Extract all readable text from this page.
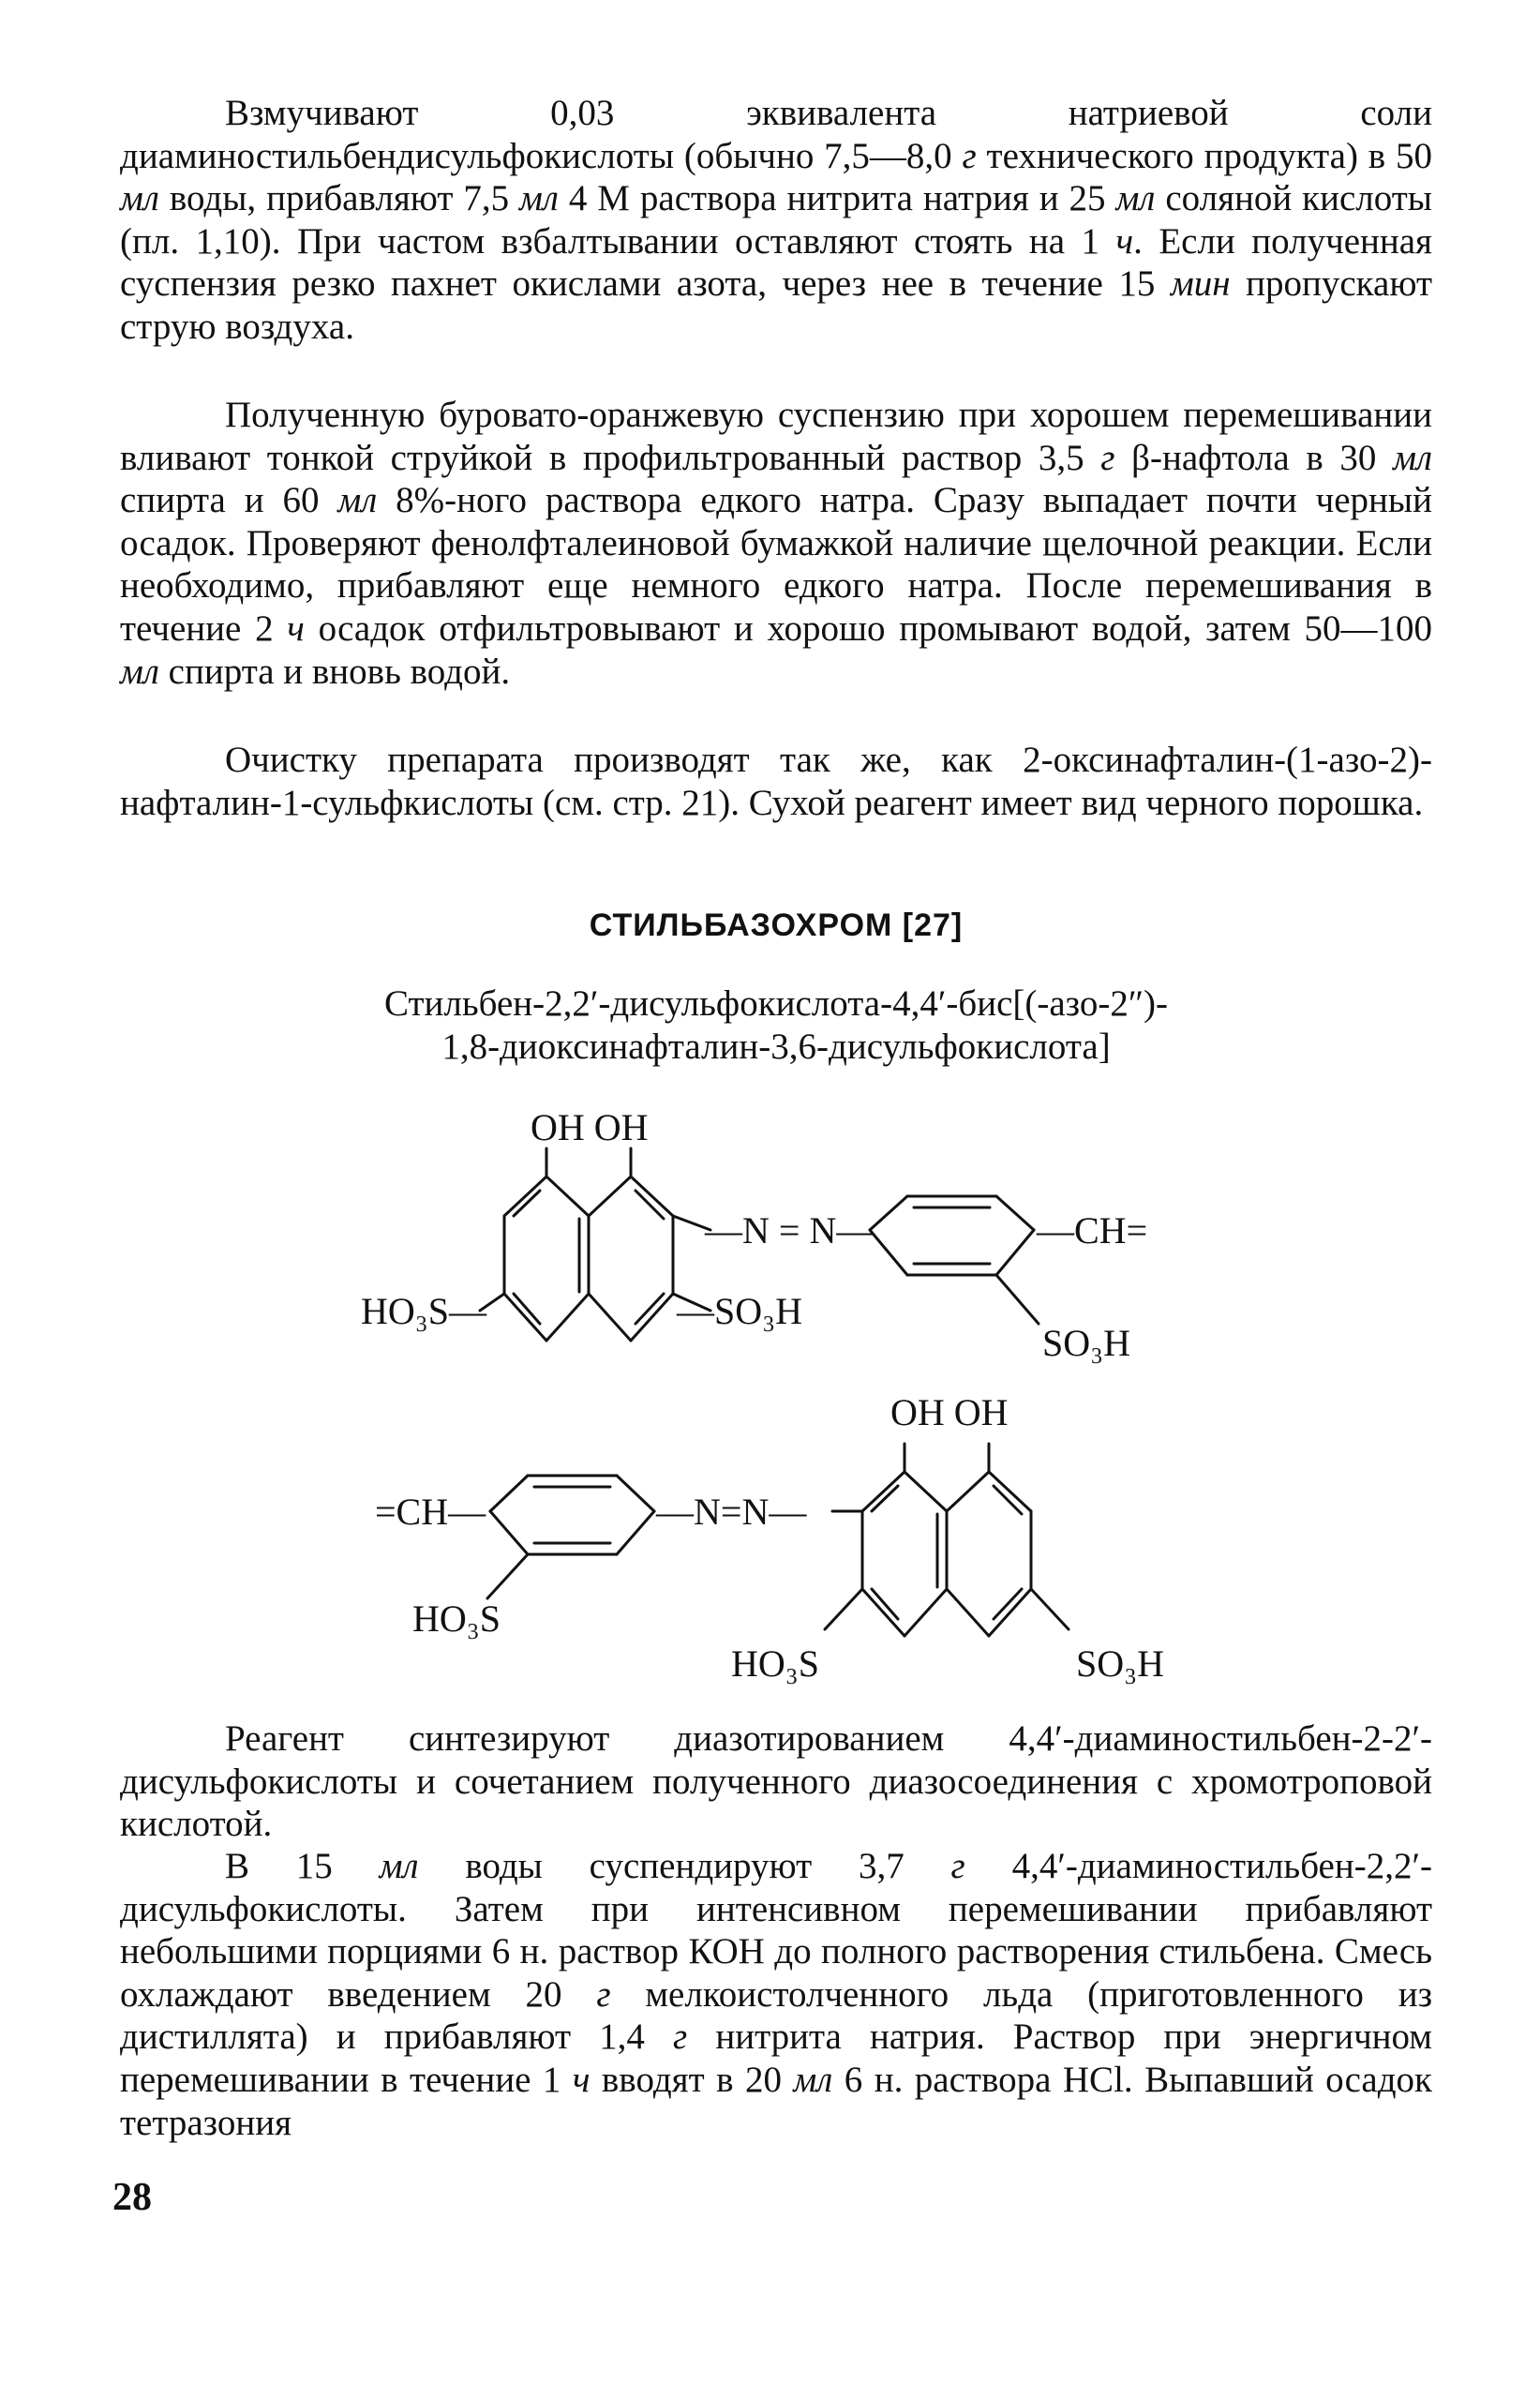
Взмучивают 0,03 эквивалента натриевой соли диаминостильбендисульфокислоты (обычно 7,5—8,0 г технического продукта) в 50 мл воды, прибавляют 7,5 мл 4 М раствора нитрита натрия и 25 мл соляной кислоты (пл. 1,10). При частом взбалтывании оставляют стоять на 1 ч. Если полученная суспензия резко пахнет окислами азота, через нее в течение 15 мин пропускают струю воздуха.

Полученную буровато-оранжевую суспензию при хорошем перемешивании вливают тонкой струйкой в профильтрованный раствор 3,5 г β-нафтола в 30 мл спирта и 60 мл 8%-ного раствора едкого натра. Сразу выпадает почти черный осадок. Проверяют фенолфталеиновой бумажкой наличие щелочной реакции. Если необходимо, прибавляют еще немного едкого натра. После перемешивания в течение 2 ч осадок отфильтровывают и хорошо промывают водой, затем 50—100 мл спирта и вновь водой.

Очистку препарата производят так же, как 2-оксинафталин-(1-азо-2)-нафталин-1-сульфкислоты (см. стр. 21). Сухой реагент имеет вид черного порошка.

СТИЛЬБАЗОХРОМ [27]

Стильбен-2,2′-дисульфокислота-4,4′-бис[(-азо-2″)-
1,8-диоксинафталин-3,6-дисульфокислота]
OH OH
—N = N—	—CH=
HO₃S—	—SO₃H
SO₃H
OH OH
=CH—	—N=N—
HO₃S
HO₃S	SO₃H

Реагент синтезируют диазотированием 4,4′-диаминостильбен-2-2′-дисульфокислоты и сочетанием полученного диазосоединения с хромотроповой кислотой.

В 15 мл воды суспендируют 3,7 г 4,4′-диаминостильбен-2,2′-дисульфокислоты. Затем при интенсивном перемешивании прибавляют небольшими порциями 6 н. раствор КОН до полного растворения стильбена. Смесь охлаждают введением 20 г мелкоистолченного льда (приготовленного из дистиллята) и прибавляют 1,4 г нитрита натрия. Раствор при энергичном перемешивании в течение 1 ч вводят в 20 мл 6 н. раствора HCl. Выпавший осадок тетразония

28
